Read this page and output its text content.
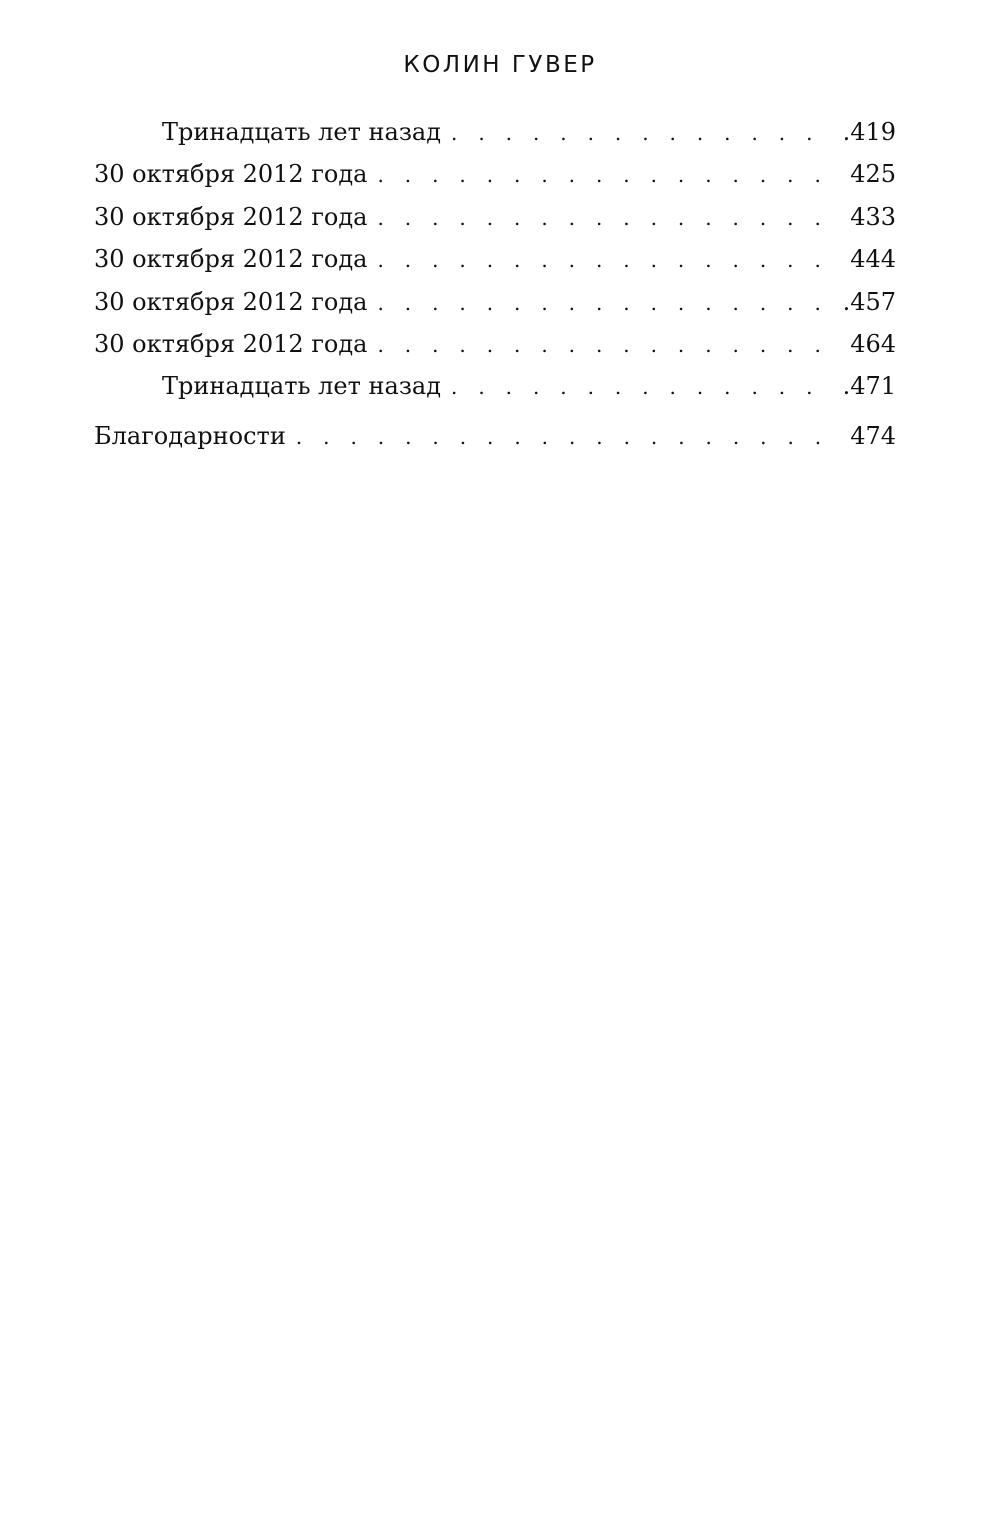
КОЛИН ГУВЕР
Тринадцать лет назад . . .	.419
30 октября 2012 года . . .	425
30 октября 2012 года . . .	433
30 октября 2012 года . . .	444
30 октября 2012 года . . .	.457
30 октября 2012 года . . .	464
Тринадцать лет назад . . .	.471
Благодарности . . .	474
